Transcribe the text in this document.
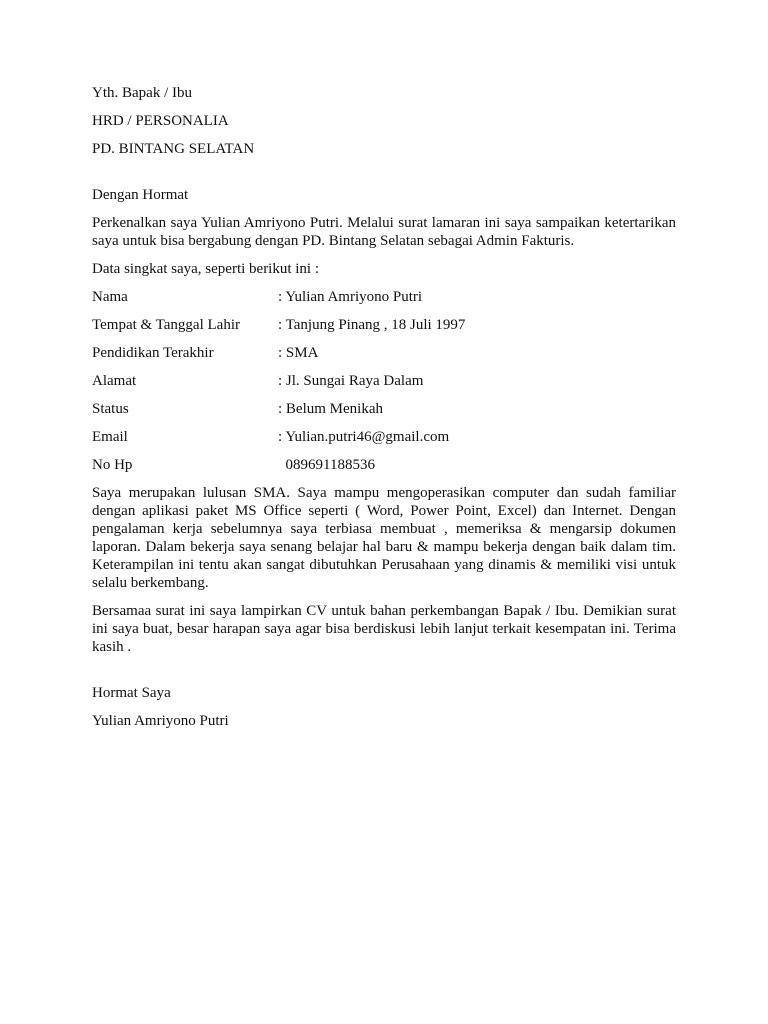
Yth. Bapak / Ibu

HRD / PERSONALIA

PD. BINTANG SELATAN

Dengan Hormat

Perkenalkan saya Yulian Amriyono Putri. Melalui surat lamaran ini saya sampaikan ketertarikan saya untuk bisa bergabung dengan PD. Bintang Selatan sebagai Admin Fakturis.

Data singkat saya, seperti berikut ini :

Nama	: Yulian Amriyono Putri
Tempat & Tanggal Lahir	: Tanjung Pinang , 18 Juli 1997
Pendidikan Terakhir	: SMA
Alamat	: Jl. Sungai Raya Dalam
Status	: Belum Menikah
Email	: Yulian.putri46@gmail.com
No Hp	089691188536

Saya merupakan lulusan SMA. Saya mampu mengoperasikan computer dan sudah familiar dengan aplikasi paket MS Office seperti ( Word, Power Point, Excel) dan Internet. Dengan pengalaman kerja sebelumnya saya terbiasa membuat , memeriksa & mengarsip dokumen laporan. Dalam bekerja saya senang belajar hal baru & mampu bekerja dengan baik dalam tim. Keterampilan ini tentu akan sangat dibutuhkan Perusahaan yang dinamis & memiliki visi untuk selalu berkembang.

Bersamaa surat ini saya lampirkan CV untuk bahan perkembangan Bapak / Ibu. Demikian surat ini saya buat, besar harapan saya agar bisa berdiskusi lebih lanjut terkait kesempatan ini. Terima kasih .

Hormat Saya

Yulian Amriyono Putri
